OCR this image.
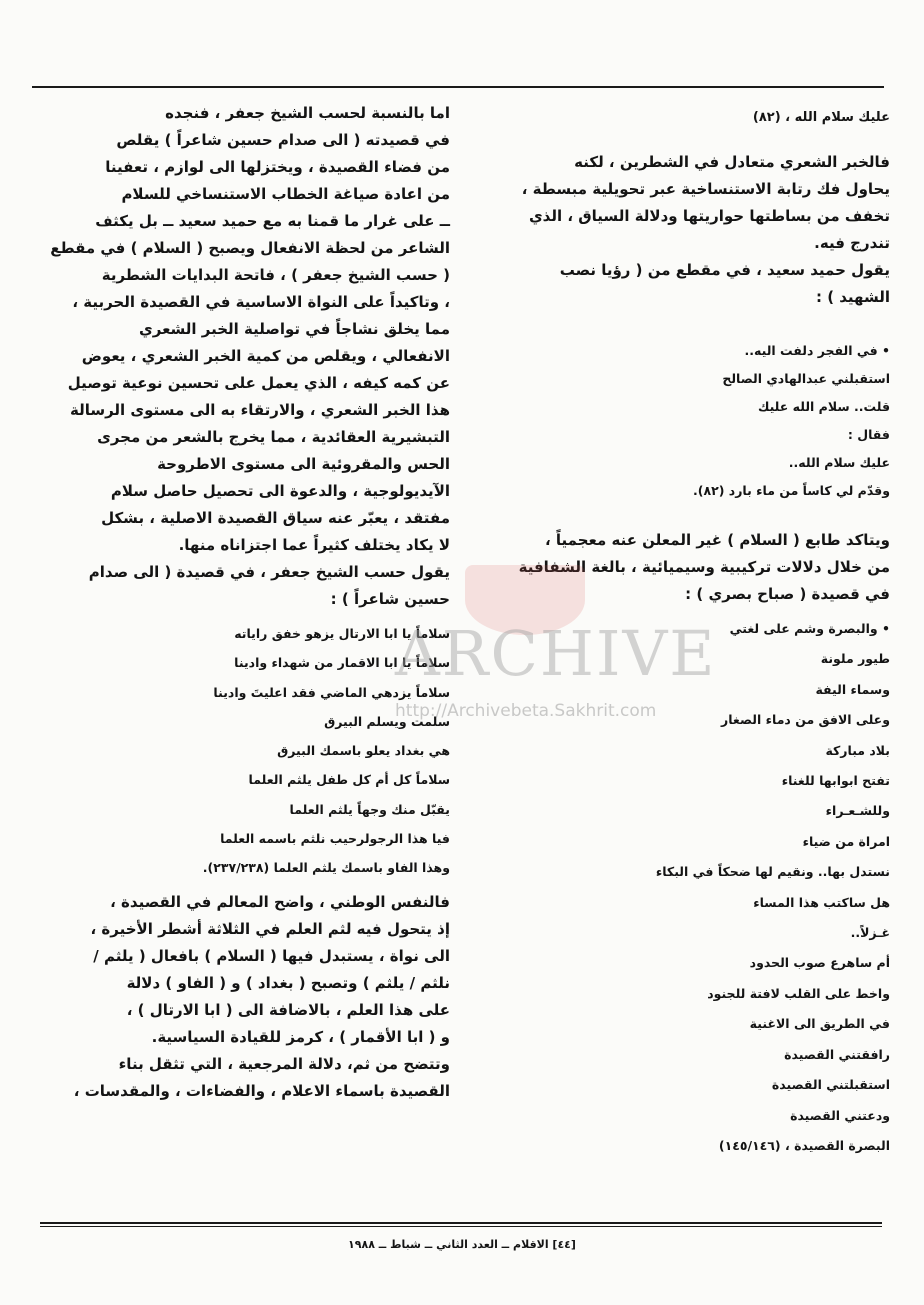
عليك سلام الله ، (٨٢)

فالخبر الشعري متعادل في الشطرين ، لكنه
يحاول فك رتابة الاستنساخية عبر تحويلية مبسطة ،
تخفف من بساطتها حواريتها ودلالة السياق ، الذي
تندرج فيه.

يقول حميد سعيد ، في مقطع من ( رؤيا نصب
الشهيد ) :

• في الفجر دلفت اليه..
استقبلني عبدالهادي الصالح
قلت.. سلام الله عليك
فقال :
عليك سلام الله..
وقدّم لي كاساً من ماء بارد (٨٢).

ويتاكد طابع ( السلام ) غير المعلن عنه معجمياً ،
من خلال دلالات تركيبية وسيميائية ، بالغة الشفافية
في قصيدة ( صباح بصري ) :

• والبصرة وشم على لغتي
طيور ملونة
وسماء اليفة
وعلى الافق من دماء الصغار
بلاد مباركة
تفتح ابوابها للغناء
وللشـعـراء
امراة من ضياء
نستدل بها.. ونقيم لها ضحكاً في البكاء
هل ساكتب هذا المساء
غـزلاً..
أم ساهرع صوب الحدود
واخط على القلب لافتة للجنود
في الطريق الى الاغنية
رافقتني القصيدة
استقبلتني القصيدة
ودعتني القصيدة
البصرة القصيدة ، (١٤٥/١٤٦)

اما بالنسبة لحسب الشيخ جعفر ، فنجده
في قصيدته ( الى صدام حسين شاعراً ) يقلص
من فضاء القصيدة ، ويختزلها الى لوازم ، تعفينا
من اعادة صياغة الخطاب الاستنساخي للسلام
ــ على غرار ما قمنا به مع حميد سعيد ــ بل يكثف
الشاعر من لحظة الانفعال ويصبح ( السلام ) في مقطع
( حسب الشيخ جعفر ) ، فاتحة البدايات الشطرية
، وتاكيداً على النواة الاساسية في القصيدة الحربية ،
مما يخلق نشاجاً في تواصلية الخبر الشعري
الانفعالي ، ويقلص من كمية الخبر الشعري ، يعوض
عن كمه كيفه ، الذي يعمل على تحسين نوعية توصيل
هذا الخبر الشعري ، والارتقاء به الى مستوى الرسالة
التبشيرية العقائدية ، مما يخرج بالشعر من مجرى
الحس والمقروئية الى مستوى الاطروحة
الآيديولوجية ، والدعوة الى تحصيل حاصل سلام
مفتقد ، يعبّر عنه سياق القصيدة الاصلية ، بشكل
لا يكاد يختلف كثيراً عما اجتزاناه منها.

يقول حسب الشيخ جعفر ، في قصيدة ( الى صدام
حسين شاعراً ) :

سلاماً يا ابا الارتال يزهو خفق راياته
سلاماً يا ابا الاقمار من شهداء وادينا
سلاماً يزدهي الماضي فقد اعليتَ وادينا
سلمت ويسلم البيرق
هي بغداد يعلو باسمك البيرق
سلاماً كل أم كل طفل يلثم العلما
يقبّل منك وجهاً يلثم العلما
فيا هذا الرجولرحيب نلثم باسمه العلما
وهذا الفاو باسمك يلثم العلما (٢٣٧/٢٣٨).

فالنفس الوطني ، واضح المعالم في القصيدة ،
إذ يتحول فيه لثم العلم في الثلاثة أشطر الأخيرة ،
الى نواة ، يستبدل فيها ( السلام ) بافعال ( يلثم /
نلثم / يلثم ) وتصبح ( بغداد ) و ( الفاو ) دلالة
على هذا العلم ، بالاضافة الى ( ابا الارتال ) ،
و ( ابا الأقمار ) ، كرمز للقيادة السياسية.

وتتضح من ثم، دلالة المرجعية ، التي تثقل بناء
القصيدة باسماء الاعلام ، والفضاءات ، والمقدسات ،

ARCHIVE
http://Archivebeta.Sakhrit.com
[٤٤] الاقلام ــ العدد الثاني ــ شباط ــ ١٩٨٨
